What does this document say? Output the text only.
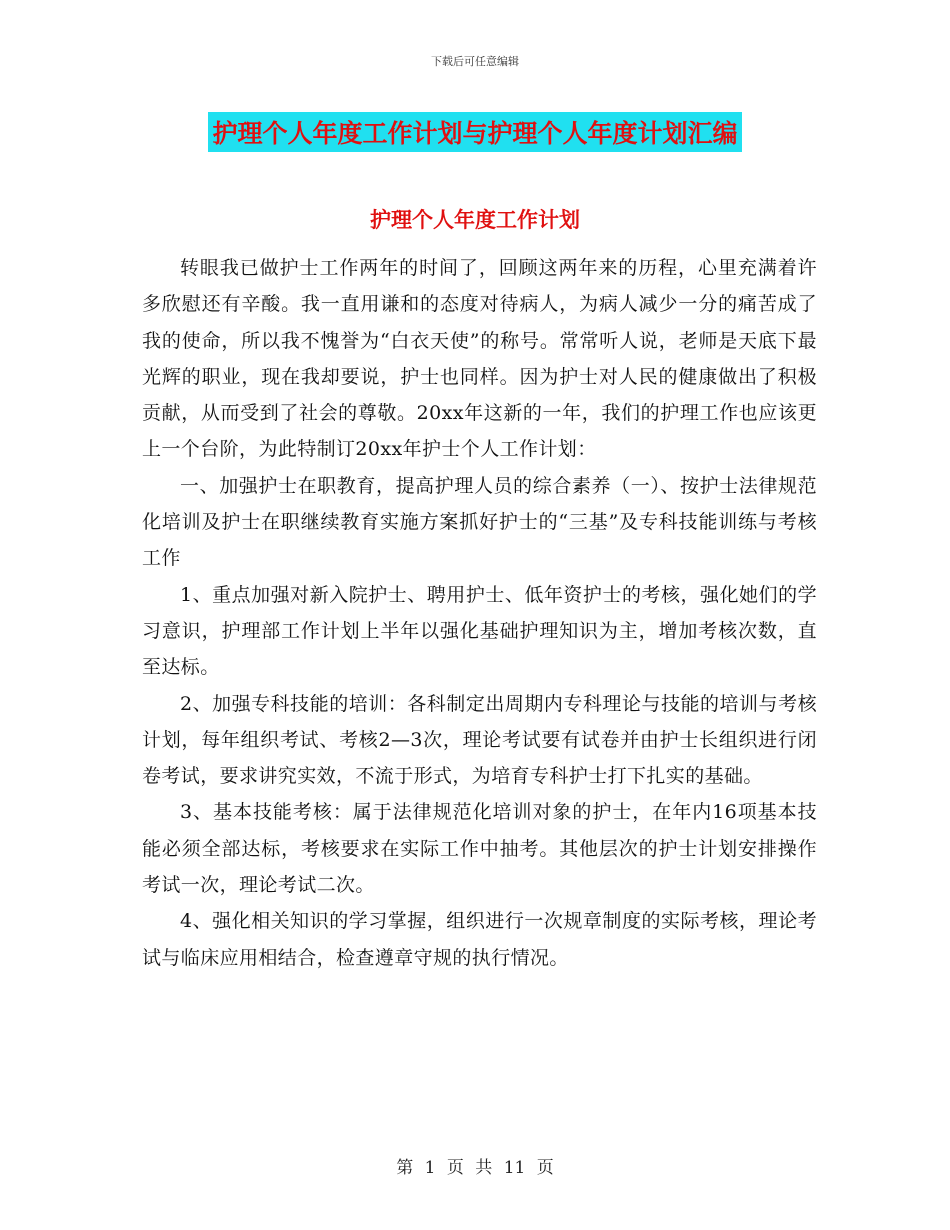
下载后可任意编辑
护理个人年度工作计划与护理个人年度计划汇编
护理个人年度工作计划

转眼我已做护士工作两年的时间了，回顾这两年来的历程，心里充满着许多欣慰还有辛酸。我一直用谦和的态度对待病人，为病人减少一分的痛苦成了我的使命，所以我不愧誉为“白衣天使”的称号。常常听人说，老师是天底下最光辉的职业，现在我却要说，护士也同样。因为护士对人民的健康做出了积极贡献，从而受到了社会的尊敬。20xx年这新的一年，我们的护理工作也应该更上一个台阶，为此特制订20xx年护士个人工作计划：

一、加强护士在职教育，提高护理人员的综合素养（一）、按护士法律规范化培训及护士在职继续教育实施方案抓好护士的“三基”及专科技能训练与考核工作

1、重点加强对新入院护士、聘用护士、低年资护士的考核，强化她们的学习意识，护理部工作计划上半年以强化基础护理知识为主，增加考核次数，直至达标。

2、加强专科技能的培训：各科制定出周期内专科理论与技能的培训与考核计划，每年组织考试、考核2—3次，理论考试要有试卷并由护士长组织进行闭卷考试，要求讲究实效，不流于形式，为培育专科护士打下扎实的基础。

3、基本技能考核：属于法律规范化培训对象的护士，在年内16项基本技能必须全部达标，考核要求在实际工作中抽考。其他层次的护士计划安排操作考试一次，理论考试二次。

4、强化相关知识的学习掌握，组织进行一次规章制度的实际考核，理论考试与临床应用相结合，检查遵章守规的执行情况。

第 1 页 共 11 页
